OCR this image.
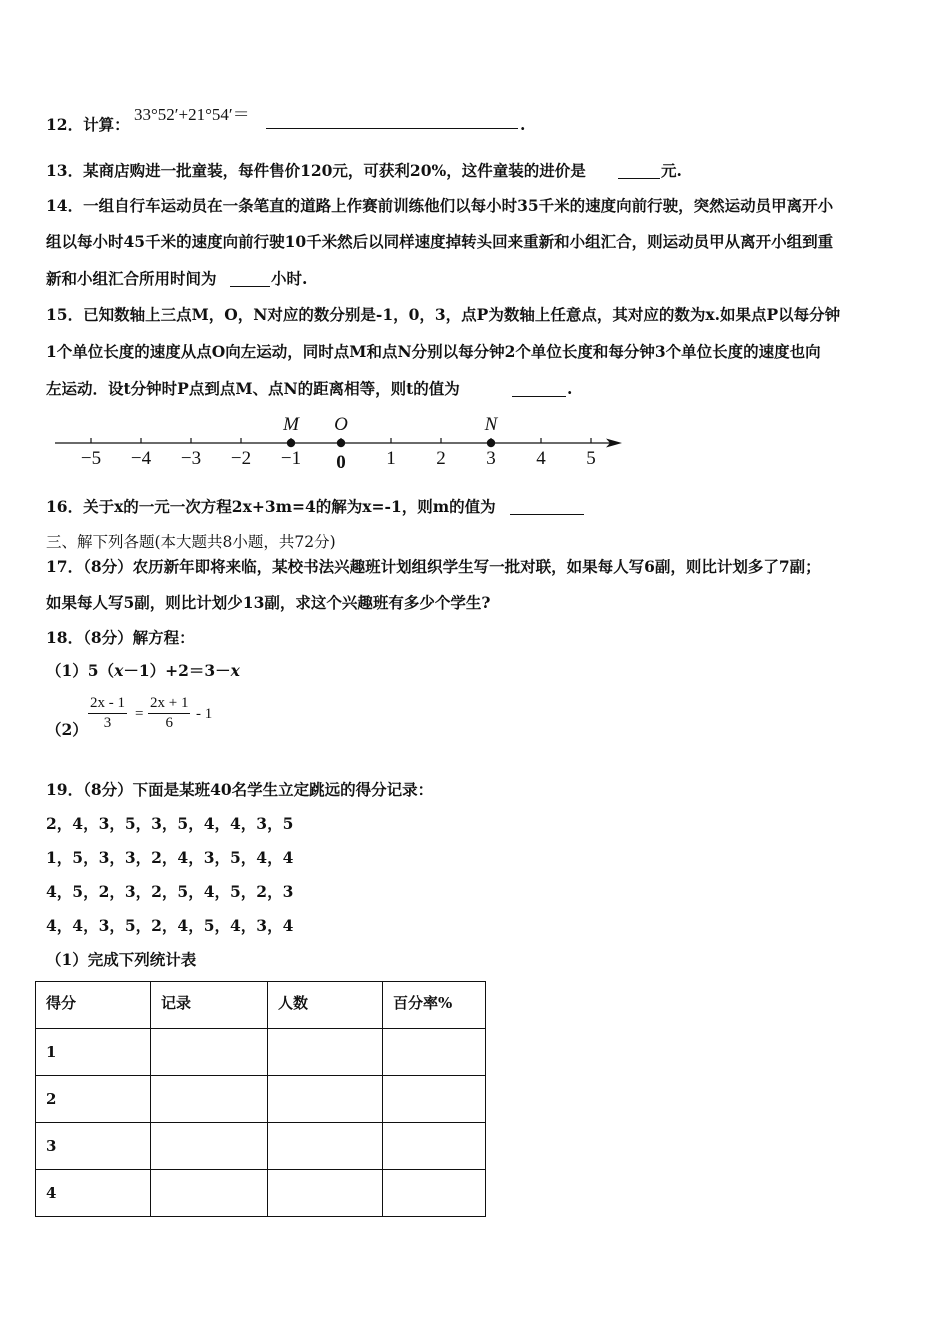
12．计算：
33°52′+21°54′＝
.
13．某商店购进一批童装，每件售价120元，可获利20%，这件童装的进价是	元.
14．一组自行车运动员在一条笔直的道路上作赛前训练他们以每小时35千米的速度向前行驶，突然运动员甲离开小
组以每小时45千米的速度向前行驶10千米然后以同样速度掉转头回来重新和小组汇合，则运动员甲从离开小组到重
新和小组汇合所用时间为	小时.
15．已知数轴上三点M，O，N对应的数分别是-1，0，3，点P为数轴上任意点，其对应的数为x.如果点P以每分钟
1个单位长度的速度从点O向左运动，同时点M和点N分别以每分钟2个单位长度和每分钟3个单位长度的速度也向
左运动．设t分钟时P点到点M、点N的距离相等，则t的值为	.
−5 −4 −3 −2 −1 0 1 2 3 4 5
M O	N
16．关于x的一元一次方程2x+3m=4的解为x=-1，则m的值为
三、解下列各题(本大题共8小题，共72分)
17．（8分）农历新年即将来临，某校书法兴趣班计划组织学生写一批对联，如果每人写6副，则比计划多了7副；
如果每人写5副，则比计划少13副，求这个兴趣班有多少个学生?
18．（8分）解方程：
（1）5（x－1）+2＝3－x
（2）
2x - 1
3
=
2x + 1
6
- 1
19．（8分）下面是某班40名学生立定跳远的得分记录：
2，4，3，5，3，5，4，4，3，5
1，5，3，3，2，4，3，5，4，4
4，5，2，3，2，5，4，5，2，3
4，4，3，5，2，4，5，4，3，4
（1）完成下列统计表
得分	记录	人数	百分率%
1			
2			
3			
4			
